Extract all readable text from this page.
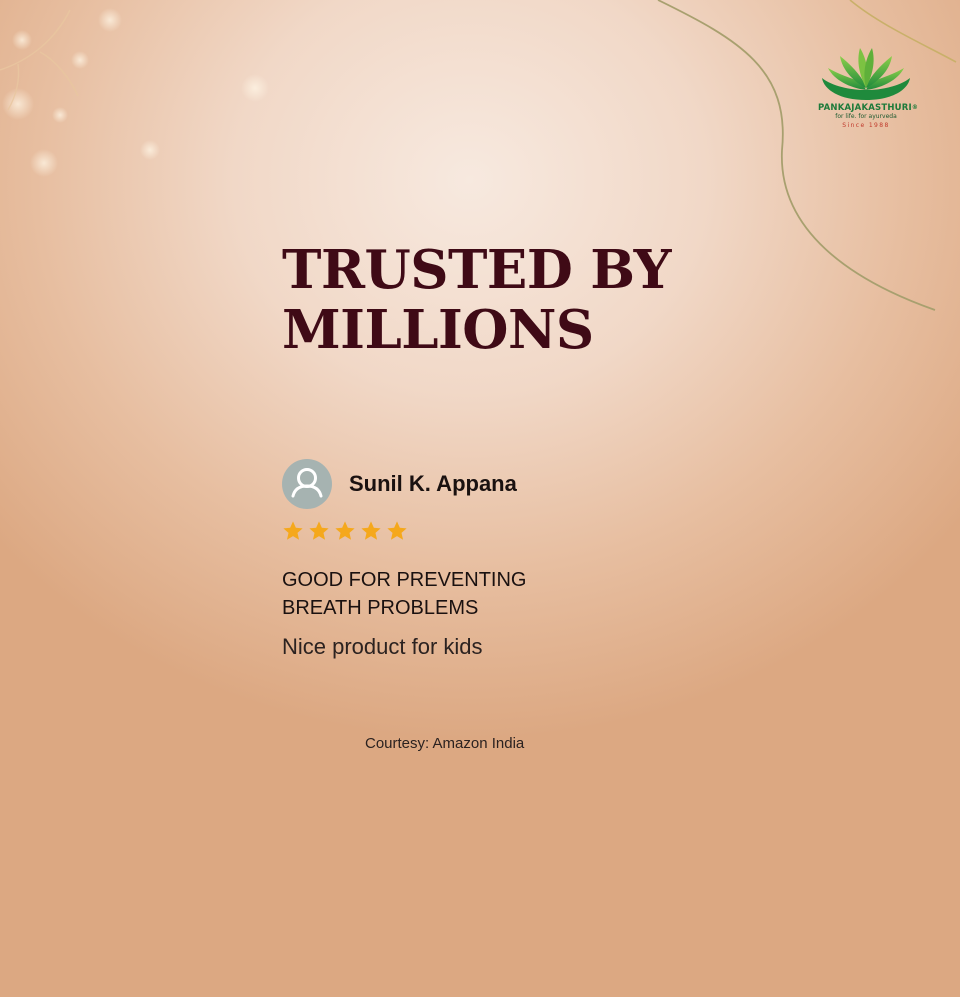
PANKAJAKASTHURI®
for life. for ayurveda
Since 1988
TRUSTED BY
MILLIONS
Sunil K. Appana
GOOD FOR PREVENTING
BREATH PROBLEMS
Nice product for kids
Courtesy: Amazon India
